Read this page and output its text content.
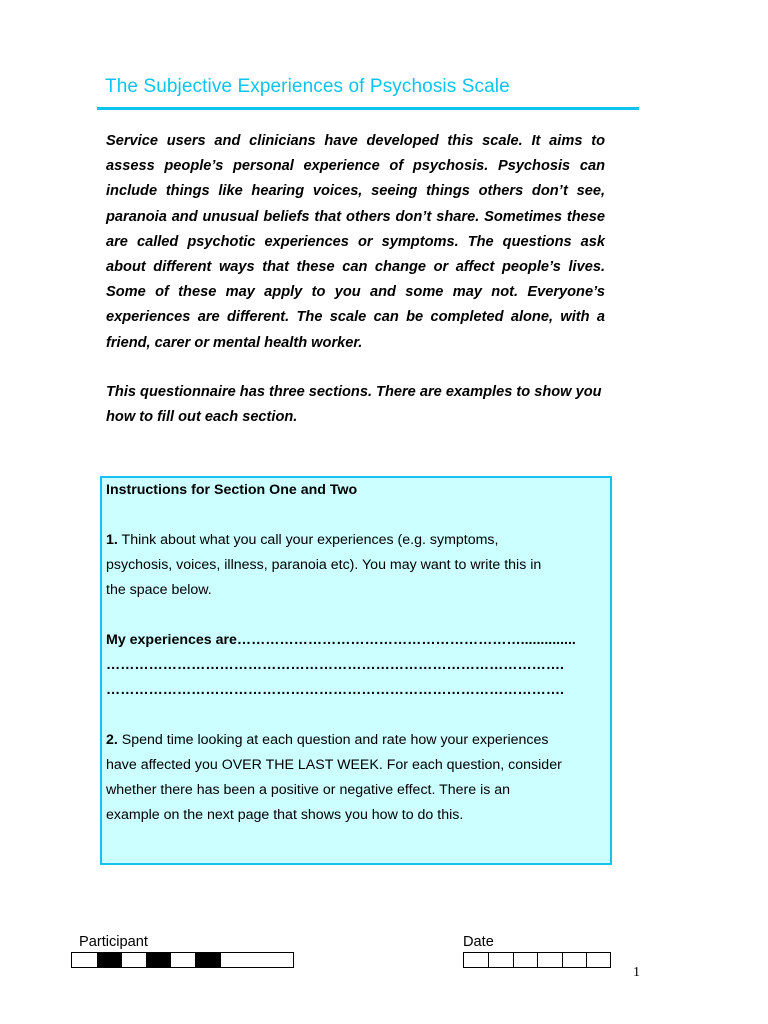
The Subjective Experiences of Psychosis Scale

Service users and clinicians have developed this scale. It aims to assess people’s personal experience of psychosis. Psychosis can include things like hearing voices, seeing things others don’t see, paranoia and unusual beliefs that others don’t share. Sometimes these are called psychotic experiences or symptoms. The questions ask about different ways that these can change or affect people’s lives. Some of these may apply to you and some may not. Everyone’s experiences are different. The scale can be completed alone, with a friend, carer or mental health worker.

This questionnaire has three sections. There are examples to show you how to fill out each section.

Instructions for Section One and Two
1. Think about what you call your experiences (e.g. symptoms,
psychosis, voices, illness, paranoia etc). You may want to write this in
the space below.
My experiences are……………………………………………………..............
…………………………………………………………………………………….
…………………………………………………………………………………….
2. Spend time looking at each question and rate how your experiences
have affected you OVER THE LAST WEEK. For each question, consider
whether there has been a positive or negative effect. There is an
example on the next page that shows you how to do this.
Participant	Date
1
